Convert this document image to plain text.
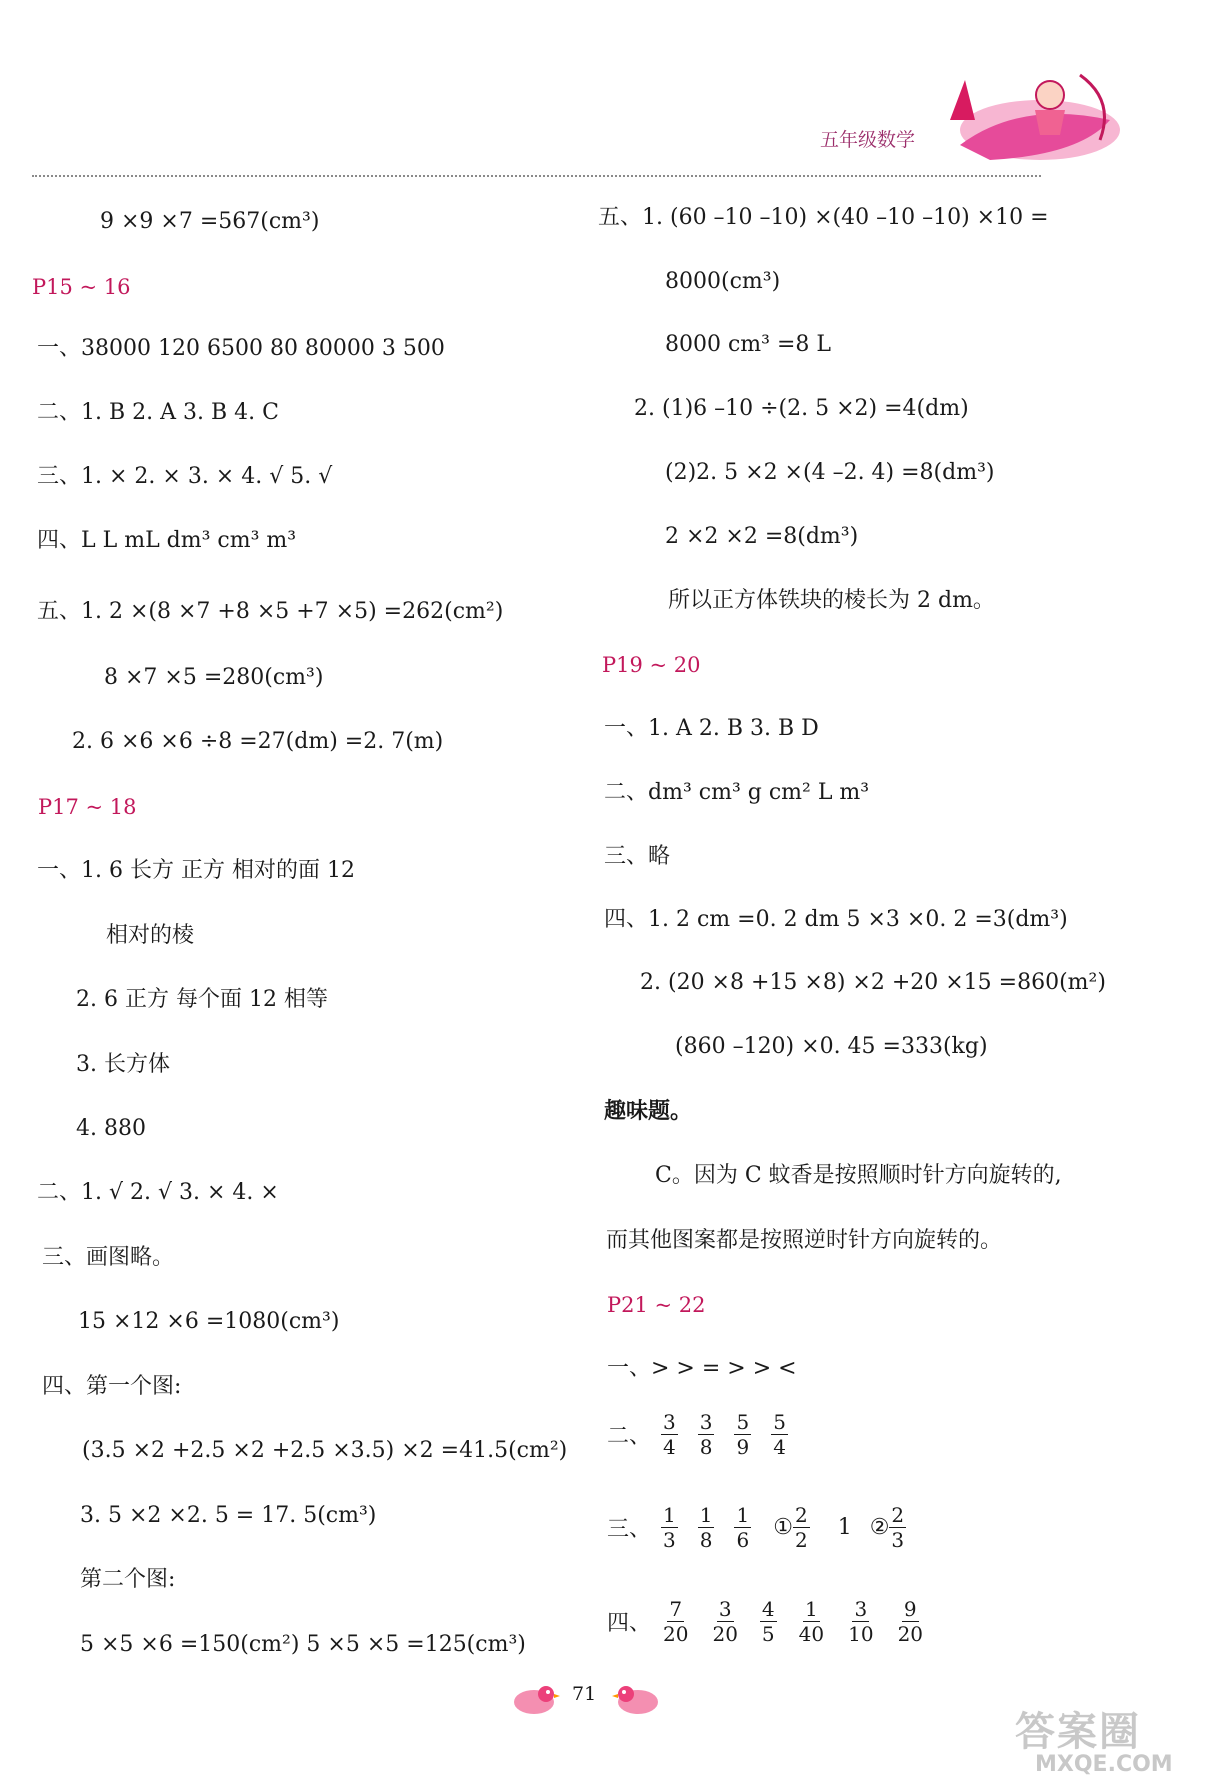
五年级数学
9 ×9 ×7 =567(cm³)
P15 ~ 16
一、38000 120 6500 80 80000 3 500
二、1. B 2. A 3. B 4. C
三、1. × 2. × 3. × 4. √ 5. √
四、L L mL dm³ cm³ m³
五、1. 2 ×(8 ×7 +8 ×5 +7 ×5) =262(cm²)
8 ×7 ×5 =280(cm³)
2. 6 ×6 ×6 ÷8 =27(dm) =2. 7(m)
P17 ~ 18
一、1. 6 长方 正方 相对的面 12
相对的棱
2. 6 正方 每个面 12 相等
3. 长方体
4. 880
二、1. √ 2. √ 3. × 4. ×
三、画图略。
15 ×12 ×6 =1080(cm³)
四、第一个图:
(3.5 ×2 +2.5 ×2 +2.5 ×3.5) ×2 =41.5(cm²)
3. 5 ×2 ×2. 5 = 17. 5(cm³)
第二个图:
5 ×5 ×6 =150(cm²) 5 ×5 ×5 =125(cm³)
五、1. (60 –10 –10) ×(40 –10 –10) ×10 =
8000(cm³)
8000 cm³ =8 L
2. (1)6 –10 ÷(2. 5 ×2) =4(dm)
(2)2. 5 ×2 ×(4 –2. 4) =8(dm³)
2 ×2 ×2 =8(dm³)
所以正方体铁块的棱长为 2 dm。
P19 ~ 20
一、1. A 2. B 3. B D
二、dm³ cm³ g cm² L m³
三、略
四、1. 2 cm =0. 2 dm 5 ×3 ×0. 2 =3(dm³)
2. (20 ×8 +15 ×8) ×2 +20 ×15 =860(m²)
(860 –120) ×0. 45 =333(kg)
趣味题。
C。因为 C 蚊香是按照顺时针方向旋转的,
而其他图案都是按照逆时针方向旋转的。
P21 ~ 22
一、> > = > > <
二、 $\frac{3}{4} \frac{3}{8} \frac{5}{9} \frac{5}{4}$
三、 $\frac{1}{3} \frac{1}{8} \frac{1}{6}$ ① $\frac{2}{2} 1$ ② $\frac{2}{3}$
四、 $\frac{7}{20} \frac{3}{20} \frac{4}{5} \frac{1}{40} \frac{3}{10} \frac{9}{20}$
71
答案圈
MXQE.COM
